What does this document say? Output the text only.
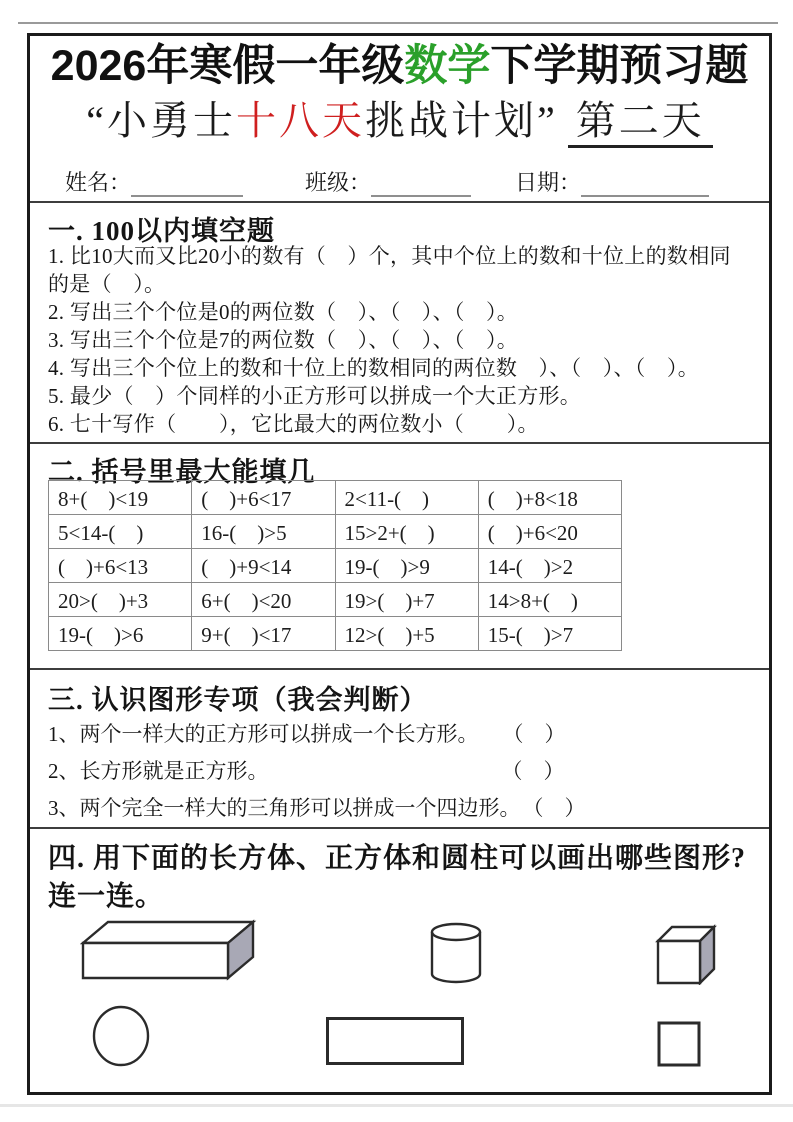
2026年寒假一年级数学下学期预习题
“小勇士十八天挑战计划” 第二天
姓名：	班级：	日期：
一. 100以内填空题
1. 比10大而又比20小的数有（　）个，其中个位上的数和十位上的数相同
的是（　）。
2. 写出三个个位是0的两位数（　）、（　）、（　）。
3. 写出三个个位是7的两位数（　）、（　）、（　）。
4. 写出三个个位上的数和十位上的数相同的两位数　）、（　）、（　）。
5. 最少（　）个同样的小正方形可以拼成一个大正方形。
6. 七十写作（　　），它比最大的两位数小（　　）。
二. 括号里最大能填几
8+(　)<19	(　)+6<17	2<11-(　)	(　)+8<18
5<14-(　)	16-(　)>5	15>2+(　)	(　)+6<20
(　)+6<13	(　)+9<14	19-(　)>9	14-(　)>2
20>(　)+3	6+(　)<20	19>(　)+7	14>8+(　)
19-(　)>6	9+(　)<17	12>(　)+5	15-(　)>7
三. 认识图形专项（我会判断）
1、两个一样大的正方形可以拼成一个长方形。 （　）
2、长方形就是正方形。	（　）
3、两个完全一样大的三角形可以拼成一个四边形。 （　）
四. 用下面的长方体、正方体和圆柱可以画出哪些图形?
连一连。
